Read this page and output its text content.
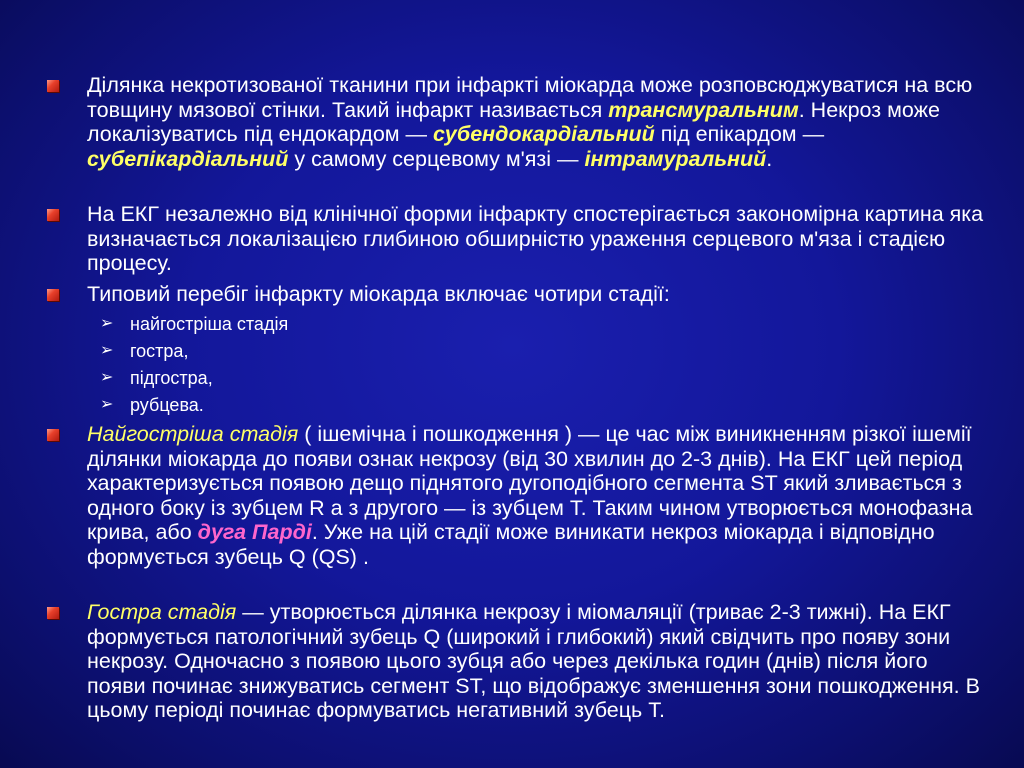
Ділянка некротизованої тканини при інфаркті міокарда може розповсюджуватися на всю товщину мязової стінки. Такий інфаркт називається трансмуральним. Некроз може локалізуватись під ендокардом — субендокардіальний під епікардом — субепікардіальний у самому серцевому м'язі — інтрамуральний.
На ЕКГ незалежно від клінічної форми інфаркту спостерігається закономірна картина яка визначається локалізацією глибиною обширністю ураження серцевого м'яза і стадією процесу.
Типовий перебіг інфаркту міокарда включає чотири стадії:
➢ найгостріша стадія
➢ гостра,
➢ підгостра,
➢ рубцева.
Найгостріша стадія ( ішемічна і пошкодження ) — це час між виникненням різкої ішемії ділянки міокарда до появи ознак некрозу (від 30 хвилин до 2-3 днів). На ЕКГ цей період характеризується появою дещо піднятого дугоподібного сегмента ST який зливається з одного боку із зубцем R а з другого — із зубцем Т. Таким чином утворюється монофазна крива, або дуга Парді. Уже на цій стадії може виникати некроз міокарда і відповідно формується зубець Q (QS) .
Гостра стадія — утворюється ділянка некрозу і міомаляції (триває 2-3 тижні). На ЕКГ формується патологічний зубець Q (широкий і глибокий) який свідчить про появу зони некрозу. Одночасно з появою цього зубця або через декілька годин (днів) після його появи починає знижуватись сегмент ST, що відображує зменшення зони пошкодження. В цьому періоді починає формуватись негативний зубець Т.
